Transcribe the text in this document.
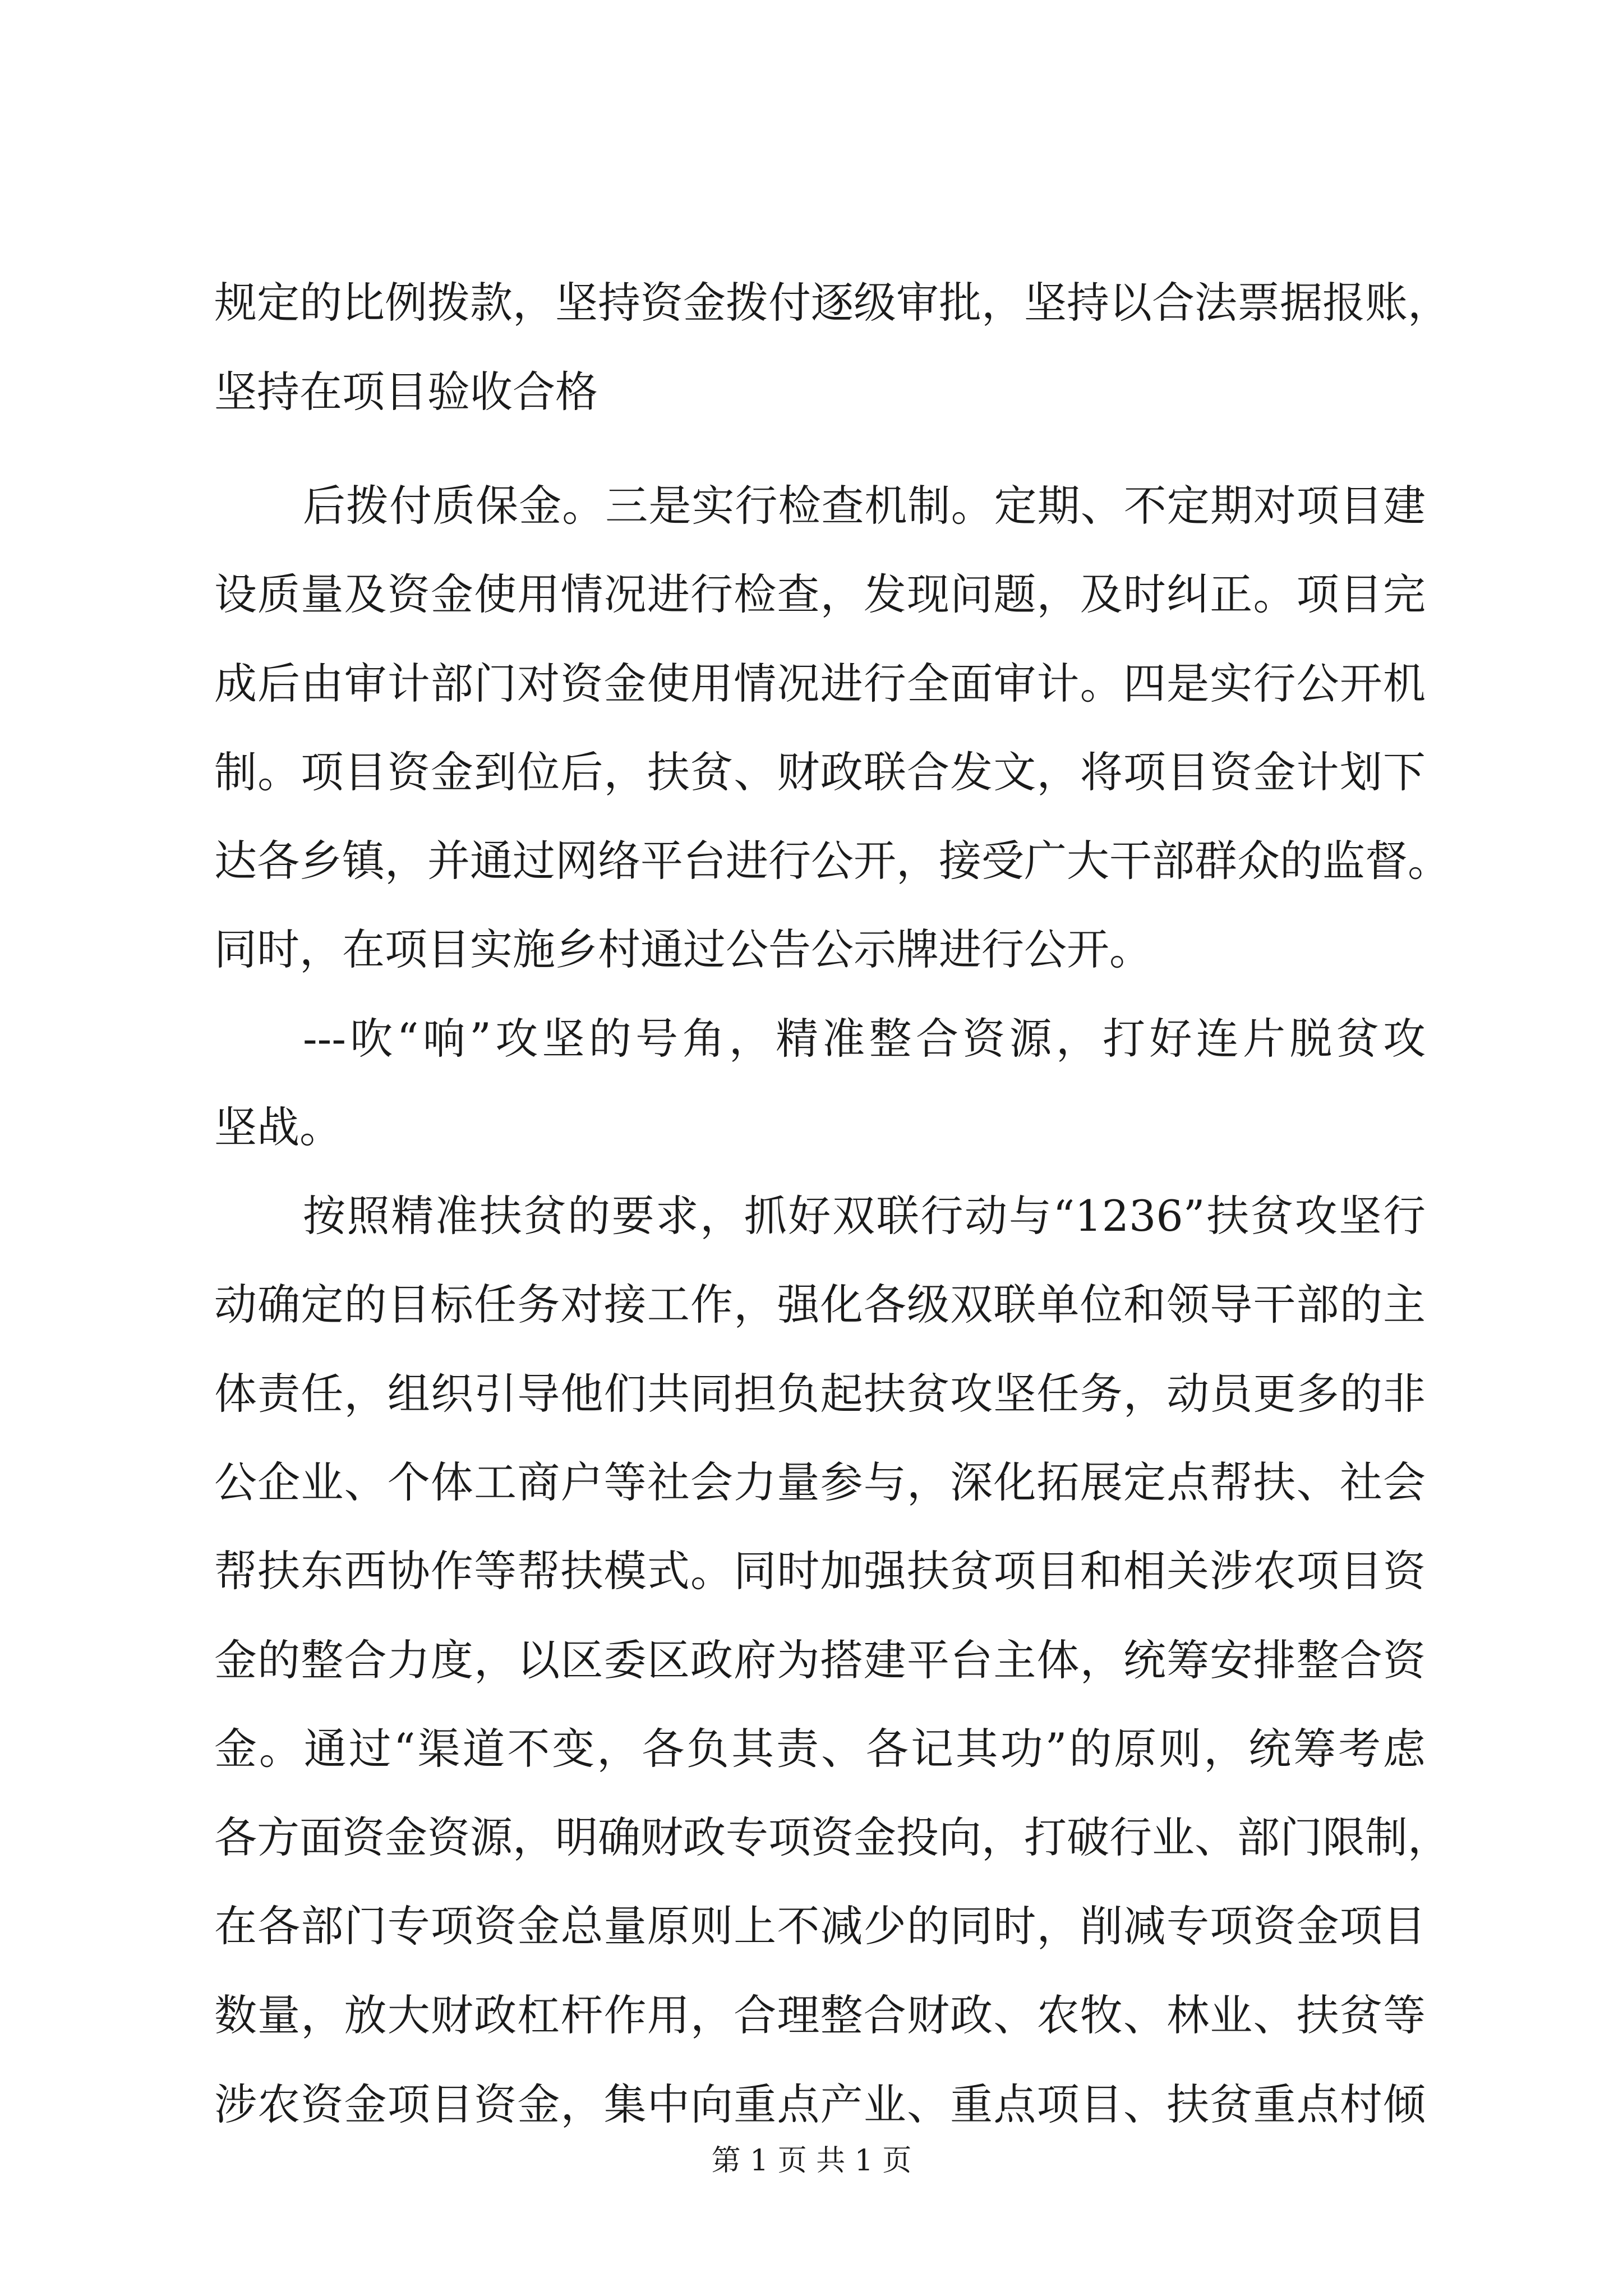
规定的比例拨款，坚持资金拨付逐级审批，坚持以合法票据报账，
坚持在项目验收合格
后拨付质保金。三是实行检查机制。定期、不定期对项目建
设质量及资金使用情况进行检查，发现问题，及时纠正。项目完
成后由审计部门对资金使用情况进行全面审计。四是实行公开机
制。项目资金到位后，扶贫、财政联合发文，将项目资金计划下
达各乡镇，并通过网络平台进行公开，接受广大干部群众的监督。
同时，在项目实施乡村通过公告公示牌进行公开。
---吹“响”攻坚的号角，精准整合资源，打好连片脱贫攻
坚战。
按照精准扶贫的要求，抓好双联行动与“1236”扶贫攻坚行
动确定的目标任务对接工作，强化各级双联单位和领导干部的主
体责任，组织引导他们共同担负起扶贫攻坚任务，动员更多的非
公企业、个体工商户等社会力量参与，深化拓展定点帮扶、社会
帮扶东西协作等帮扶模式。同时加强扶贫项目和相关涉农项目资
金的整合力度，以区委区政府为搭建平台主体，统筹安排整合资
金。通过“渠道不变，各负其责、各记其功”的原则，统筹考虑
各方面资金资源，明确财政专项资金投向，打破行业、部门限制，
在各部门专项资金总量原则上不减少的同时，削减专项资金项目
数量，放大财政杠杆作用，合理整合财政、农牧、林业、扶贫等
涉农资金项目资金，集中向重点产业、重点项目、扶贫重点村倾
第 1 页 共 1 页
